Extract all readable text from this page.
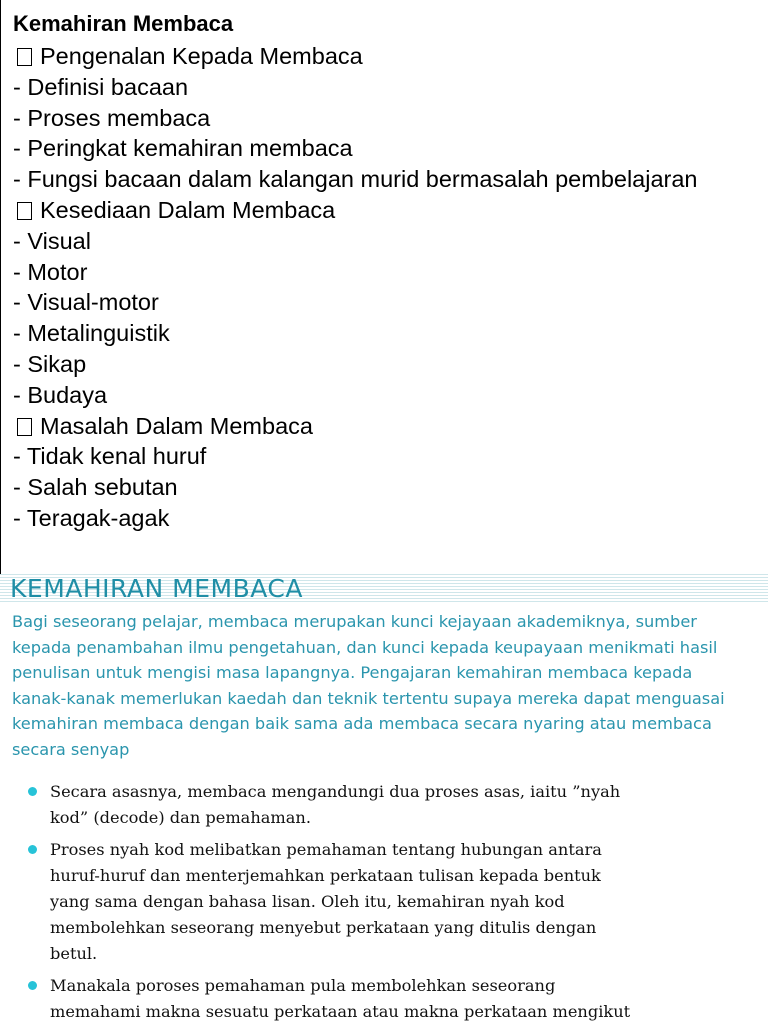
Kemahiran Membaca
Pengenalan Kepada Membaca
- Definisi bacaan
- Proses membaca
- Peringkat kemahiran membaca
- Fungsi bacaan dalam kalangan murid bermasalah pembelajaran
Kesediaan Dalam Membaca
- Visual
- Motor
- Visual-motor
- Metalinguistik
- Sikap
- Budaya
Masalah Dalam Membaca
- Tidak kenal huruf
- Salah sebutan
- Teragak-agak
KEMAHIRAN MEMBACA
Bagi seseorang pelajar, membaca merupakan kunci kejayaan akademiknya, sumber
kepada penambahan ilmu pengetahuan, dan kunci kepada keupayaan menikmati hasil
penulisan untuk mengisi masa lapangnya. Pengajaran kemahiran membaca kepada
kanak-kanak memerlukan kaedah dan teknik tertentu supaya mereka dapat menguasai
kemahiran membaca dengan baik sama ada membaca secara nyaring atau membaca
secara senyap
Secara asasnya, membaca mengandungi dua proses asas, iaitu ”nyah
kod” (decode) dan pemahaman.
Proses nyah kod melibatkan pemahaman tentang hubungan antara
huruf-huruf dan menterjemahkan perkataan tulisan kepada bentuk
yang sama dengan bahasa lisan. Oleh itu, kemahiran nyah kod
membolehkan seseorang menyebut perkataan yang ditulis dengan
betul.
Manakala poroses pemahaman pula membolehkan seseorang
memahami makna sesuatu perkataan atau makna perkataan mengikut
